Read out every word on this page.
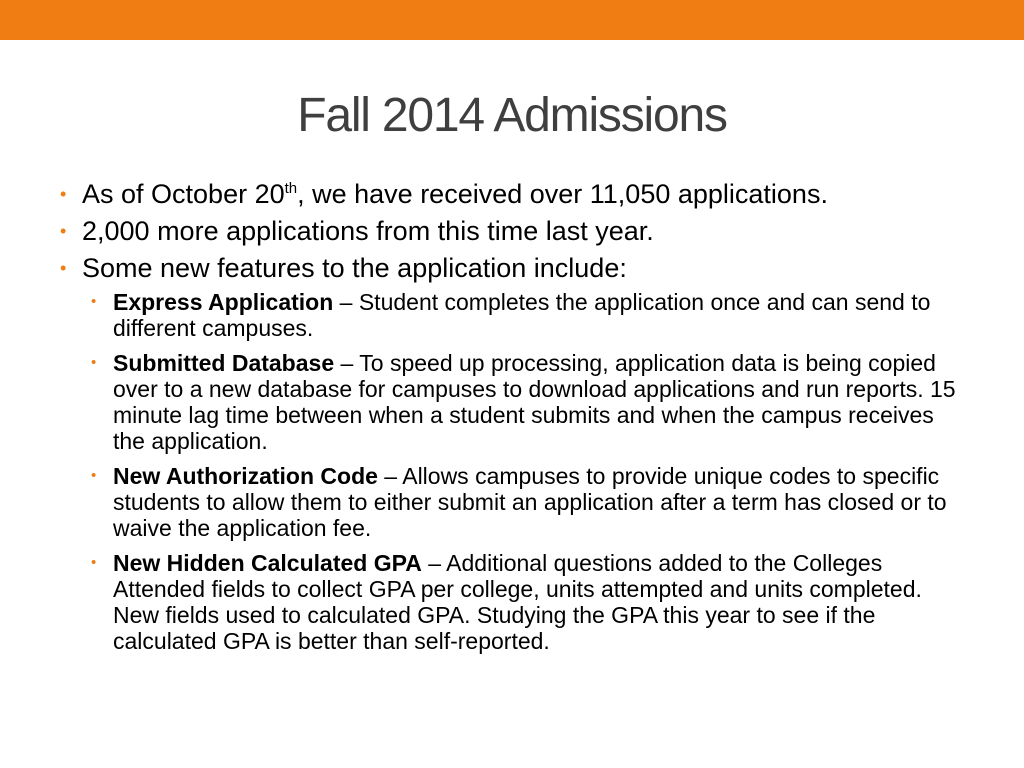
Fall 2014 Admissions
• As of October 20th, we have received over 11,050 applications.
• 2,000 more applications from this time last year.
• Some new features to the application include:
• Express Application – Student completes the application once and can send to different campuses.
• Submitted Database – To speed up processing, application data is being copied over to a new database for campuses to download applications and run reports. 15 minute lag time between when a student submits and when the campus receives the application.
• New Authorization Code – Allows campuses to provide unique codes to specific students to allow them to either submit an application after a term has closed or to waive the application fee.
• New Hidden Calculated GPA – Additional questions added to the Colleges Attended fields to collect GPA per college, units attempted and units completed. New fields used to calculated GPA. Studying the GPA this year to see if the calculated GPA is better than self-reported.
